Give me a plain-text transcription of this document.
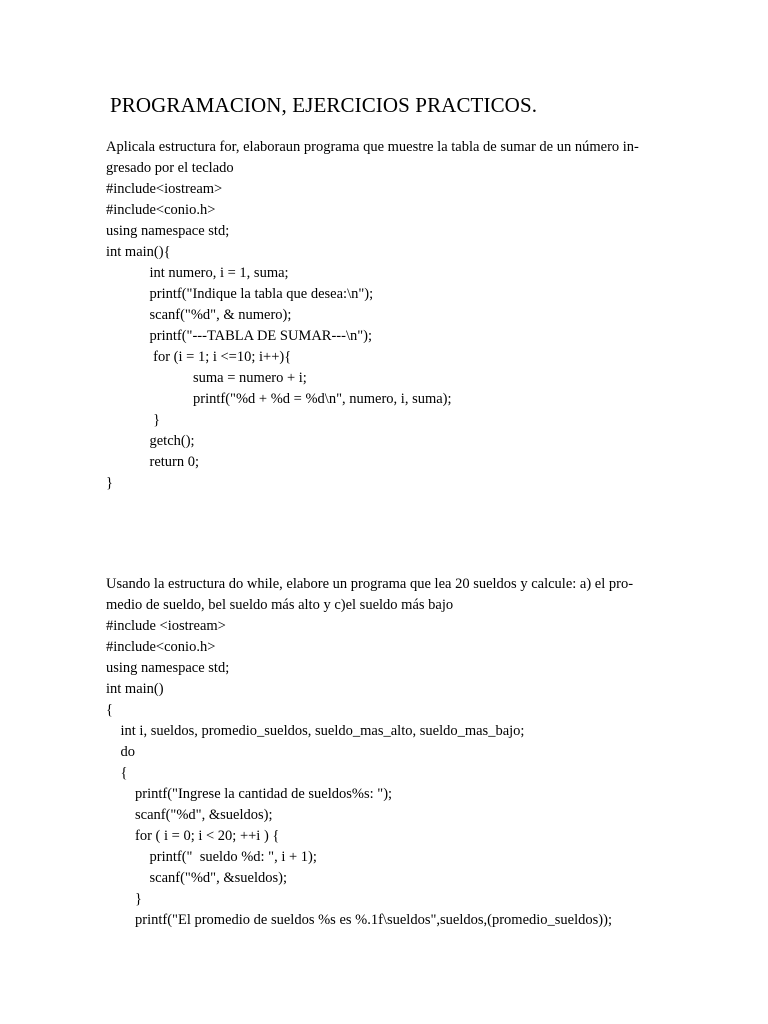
PROGRAMACION, EJERCICIOS PRACTICOS.
Aplicala estructura for, elaboraun programa que muestre la tabla de sumar de un número in-
gresado por el teclado
#include<iostream>
#include<conio.h>
using namespace std;
int main(){
int numero, i = 1, suma;
printf("Indique la tabla que desea:\n");
scanf("%d", & numero);
printf("---TABLA DE SUMAR---\n");
for (i = 1; i <=10; i++){
suma = numero + i;
printf("%d + %d = %d\n", numero, i, suma);
}
getch();
return 0;
}
Usando la estructura do while, elabore un programa que lea 20 sueldos y calcule: a) el pro-
medio de sueldo, bel sueldo más alto y c)el sueldo más bajo
#include <iostream>
#include<conio.h>
using namespace std;
int main()
{
int i, sueldos, promedio_sueldos, sueldo_mas_alto, sueldo_mas_bajo;
do
{
printf("Ingrese la cantidad de sueldos%s: ");
scanf("%d", &sueldos);
for ( i = 0; i < 20; ++i ) {
printf("  sueldo %d: ", i + 1);
scanf("%d", &sueldos);
}
printf("El promedio de sueldos %s es %.1f\sueldos",sueldos,(promedio_sueldos));
